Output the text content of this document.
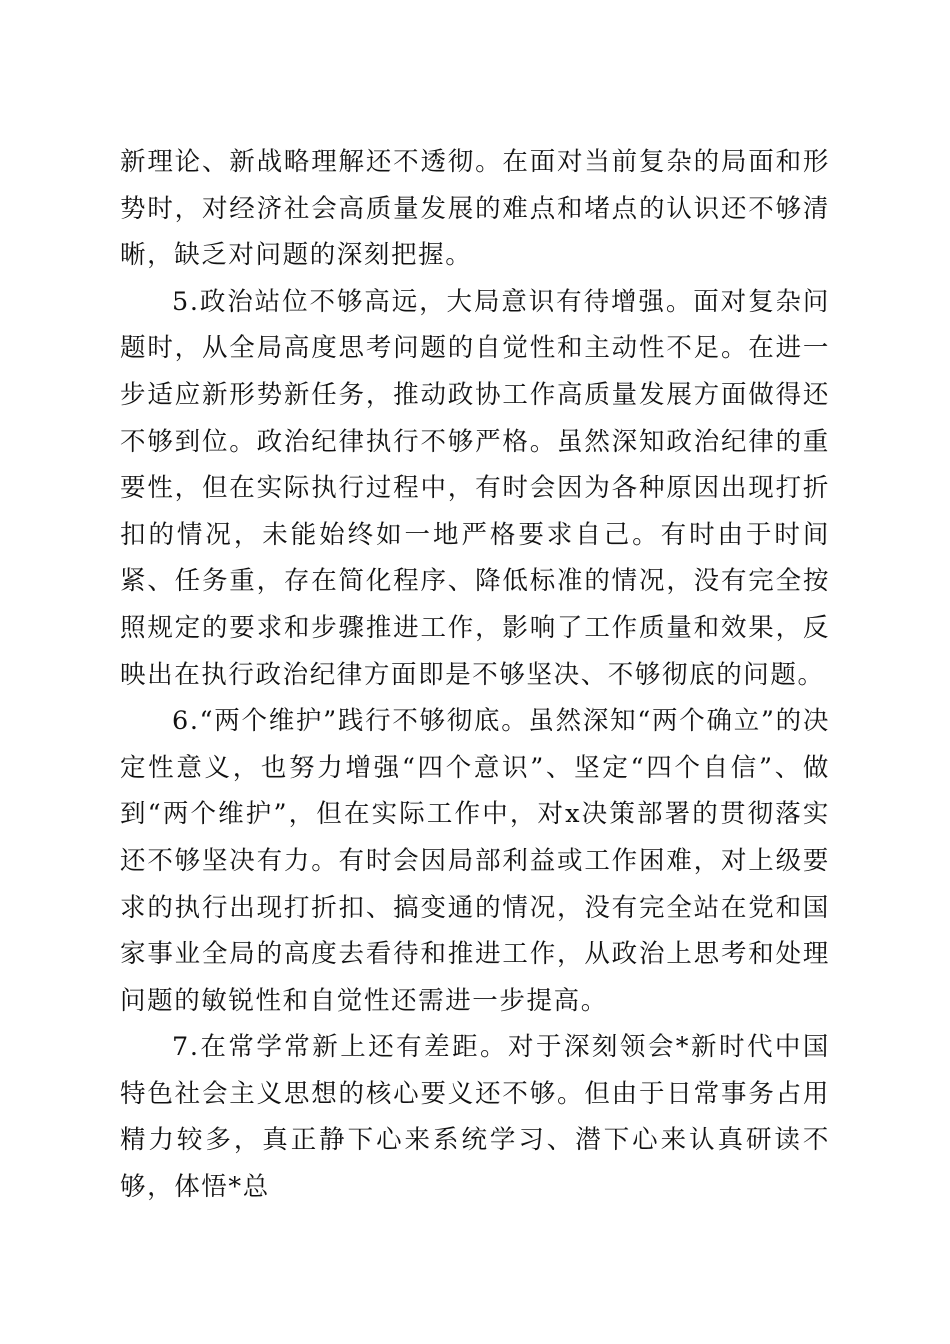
新理论、新战略理解还不透彻。在面对当前复杂的局面和形势时，对经济社会高质量发展的难点和堵点的认识还不够清晰，缺乏对问题的深刻把握。

5.政治站位不够高远，大局意识有待增强。面对复杂问题时，从全局高度思考问题的自觉性和主动性不足。在进一步适应新形势新任务，推动政协工作高质量发展方面做得还不够到位。政治纪律执行不够严格。虽然深知政治纪律的重要性，但在实际执行过程中，有时会因为各种原因出现打折扣的情况，未能始终如一地严格要求自己。有时由于时间紧、任务重，存在简化程序、降低标准的情况，没有完全按照规定的要求和步骤推进工作，影响了工作质量和效果，反映出在执行政治纪律方面即是不够坚决、不够彻底的问题。

6.“两个维护”践行不够彻底。虽然深知“两个确立”的决定性意义，也努力增强“四个意识”、坚定“四个自信”、做到“两个维护”，但在实际工作中，对x决策部署的贯彻落实还不够坚决有力。有时会因局部利益或工作困难，对上级要求的执行出现打折扣、搞变通的情况，没有完全站在党和国家事业全局的高度去看待和推进工作，从政治上思考和处理问题的敏锐性和自觉性还需进一步提高。

7.在常学常新上还有差距。对于深刻领会*新时代中国特色社会主义思想的核心要义还不够。但由于日常事务占用精力较多，真正静下心来系统学习、潜下心来认真研读不够，体悟*总
